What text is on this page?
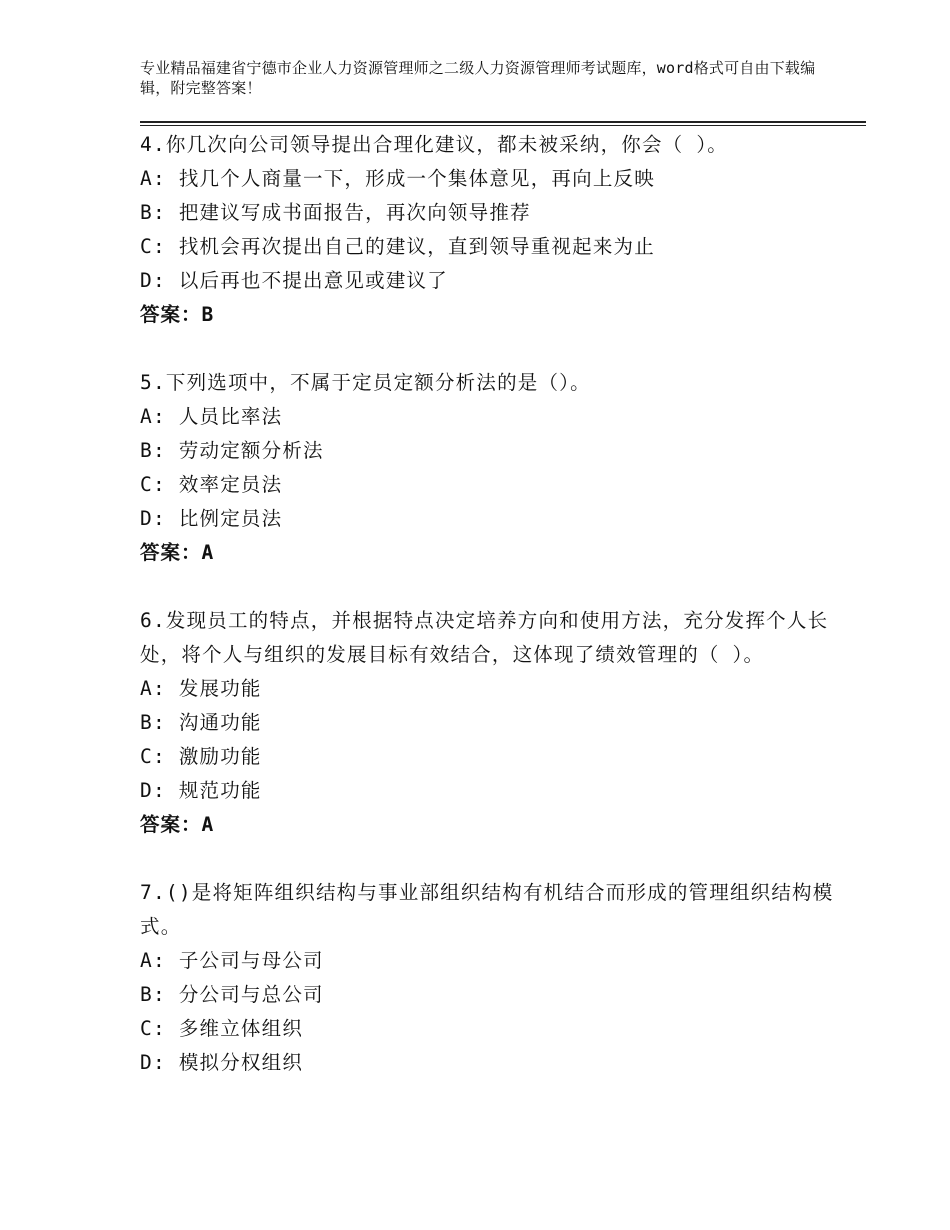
专业精品福建省宁德市企业人力资源管理师之二级人力资源管理师考试题库，word格式可自由下载编辑，附完整答案！
4.你几次向公司领导提出合理化建议，都未被采纳，你会（ ）。
A: 找几个人商量一下，形成一个集体意见，再向上反映
B: 把建议写成书面报告，再次向领导推荐
C: 找机会再次提出自己的建议，直到领导重视起来为止
D: 以后再也不提出意见或建议了
答案：B
5.下列选项中，不属于定员定额分析法的是（）。
A: 人员比率法
B: 劳动定额分析法
C: 效率定员法
D: 比例定员法
答案：A
6.发现员工的特点，并根据特点决定培养方向和使用方法，充分发挥个人长处，将个人与组织的发展目标有效结合，这体现了绩效管理的（ ）。
A: 发展功能
B: 沟通功能
C: 激励功能
D: 规范功能
答案：A
7.()是将矩阵组织结构与事业部组织结构有机结合而形成的管理组织结构模式。
A: 子公司与母公司
B: 分公司与总公司
C: 多维立体组织
D: 模拟分权组织
